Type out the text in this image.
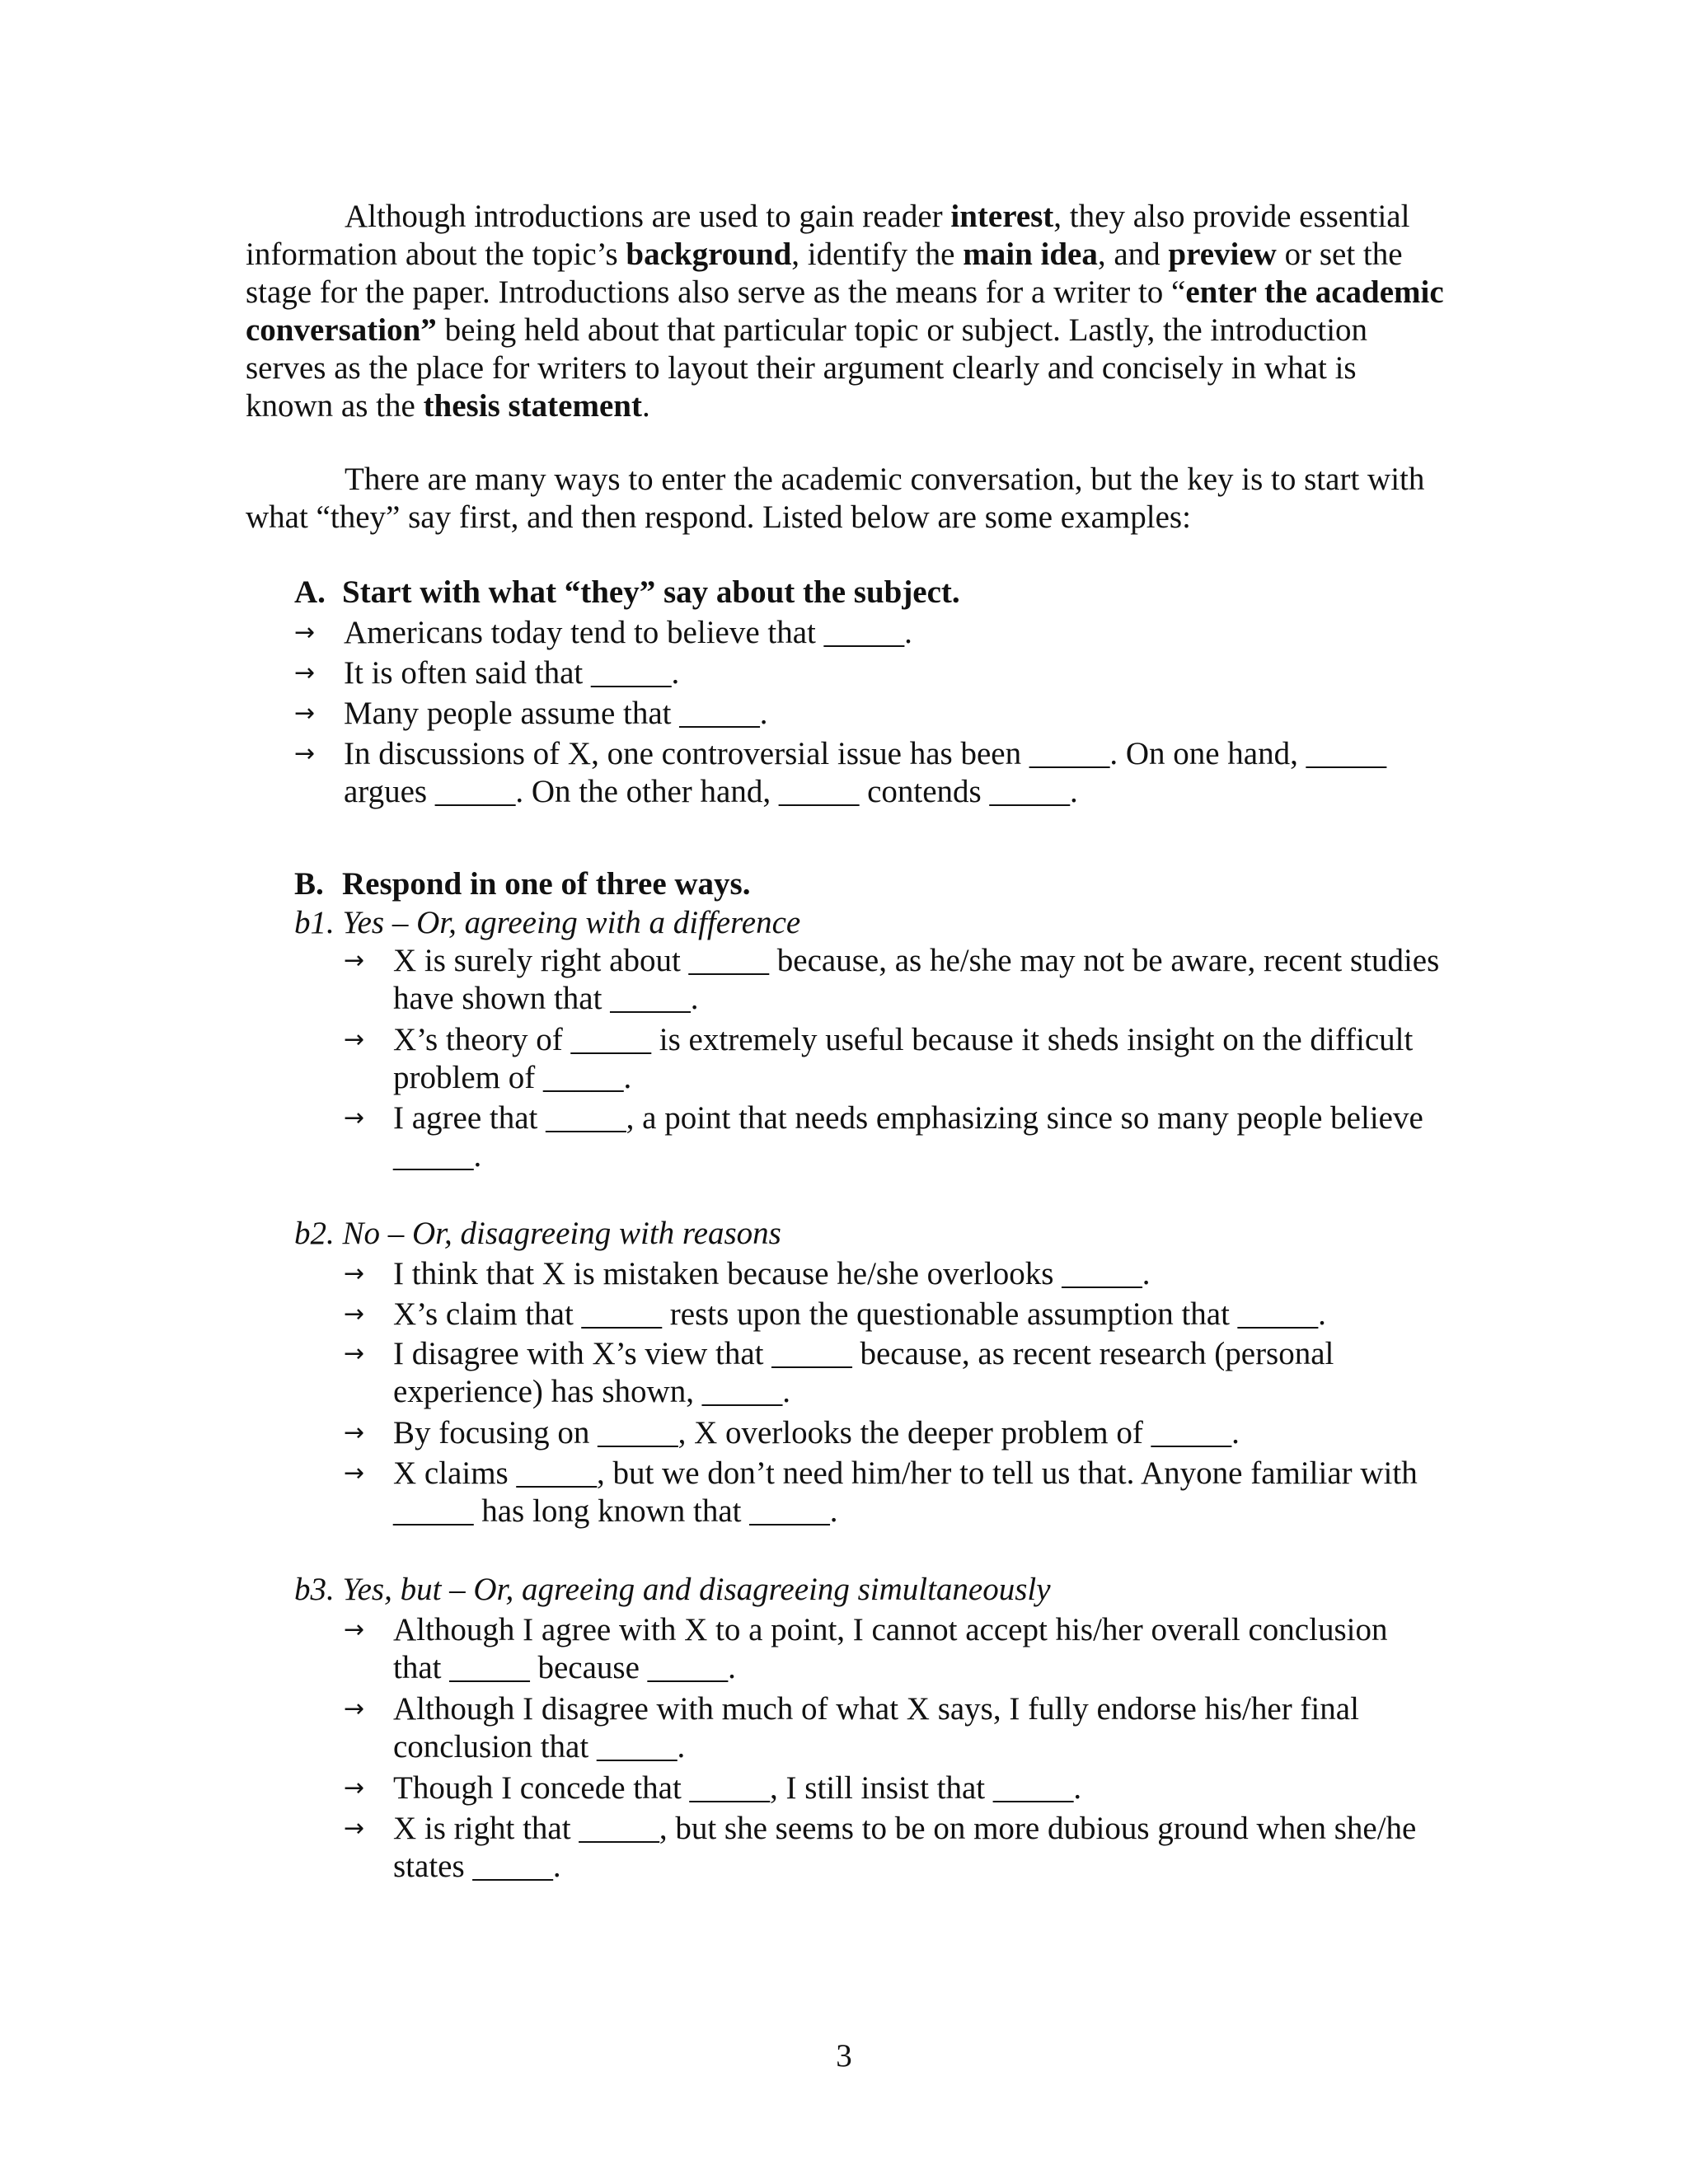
Although introductions are used to gain reader interest, they also provide essential information about the topic’s background, identify the main idea, and preview or set the stage for the paper. Introductions also serve as the means for a writer to “enter the academic conversation” being held about that particular topic or subject. Lastly, the introduction serves as the place for writers to layout their argument clearly and concisely in what is known as the thesis statement.

There are many ways to enter the academic conversation, but the key is to start with what “they” say first, and then respond. Listed below are some examples:

A. Start with what “they” say about the subject.
→ Americans today tend to believe that _____.
→ It is often said that _____.
→ Many people assume that _____.
→ In discussions of X, one controversial issue has been _____. On one hand, _____ argues _____. On the other hand, _____ contends _____.
B. Respond in one of three ways.
b1. Yes – Or, agreeing with a difference
→ X is surely right about _____ because, as he/she may not be aware, recent studies have shown that _____.
→ X’s theory of _____ is extremely useful because it sheds insight on the difficult problem of _____.
→ I agree that _____, a point that needs emphasizing since so many people believe _____.
b2. No – Or, disagreeing with reasons
→ I think that X is mistaken because he/she overlooks _____.
→ X’s claim that _____ rests upon the questionable assumption that _____.
→ I disagree with X’s view that _____ because, as recent research (personal experience) has shown, _____.
→ By focusing on _____, X overlooks the deeper problem of _____.
→ X claims _____, but we don’t need him/her to tell us that. Anyone familiar with _____ has long known that _____.
b3. Yes, but – Or, agreeing and disagreeing simultaneously
→ Although I agree with X to a point, I cannot accept his/her overall conclusion that _____ because _____.
→ Although I disagree with much of what X says, I fully endorse his/her final conclusion that _____.
→ Though I concede that _____, I still insist that _____.
→ X is right that _____, but she seems to be on more dubious ground when she/he states _____.
3
